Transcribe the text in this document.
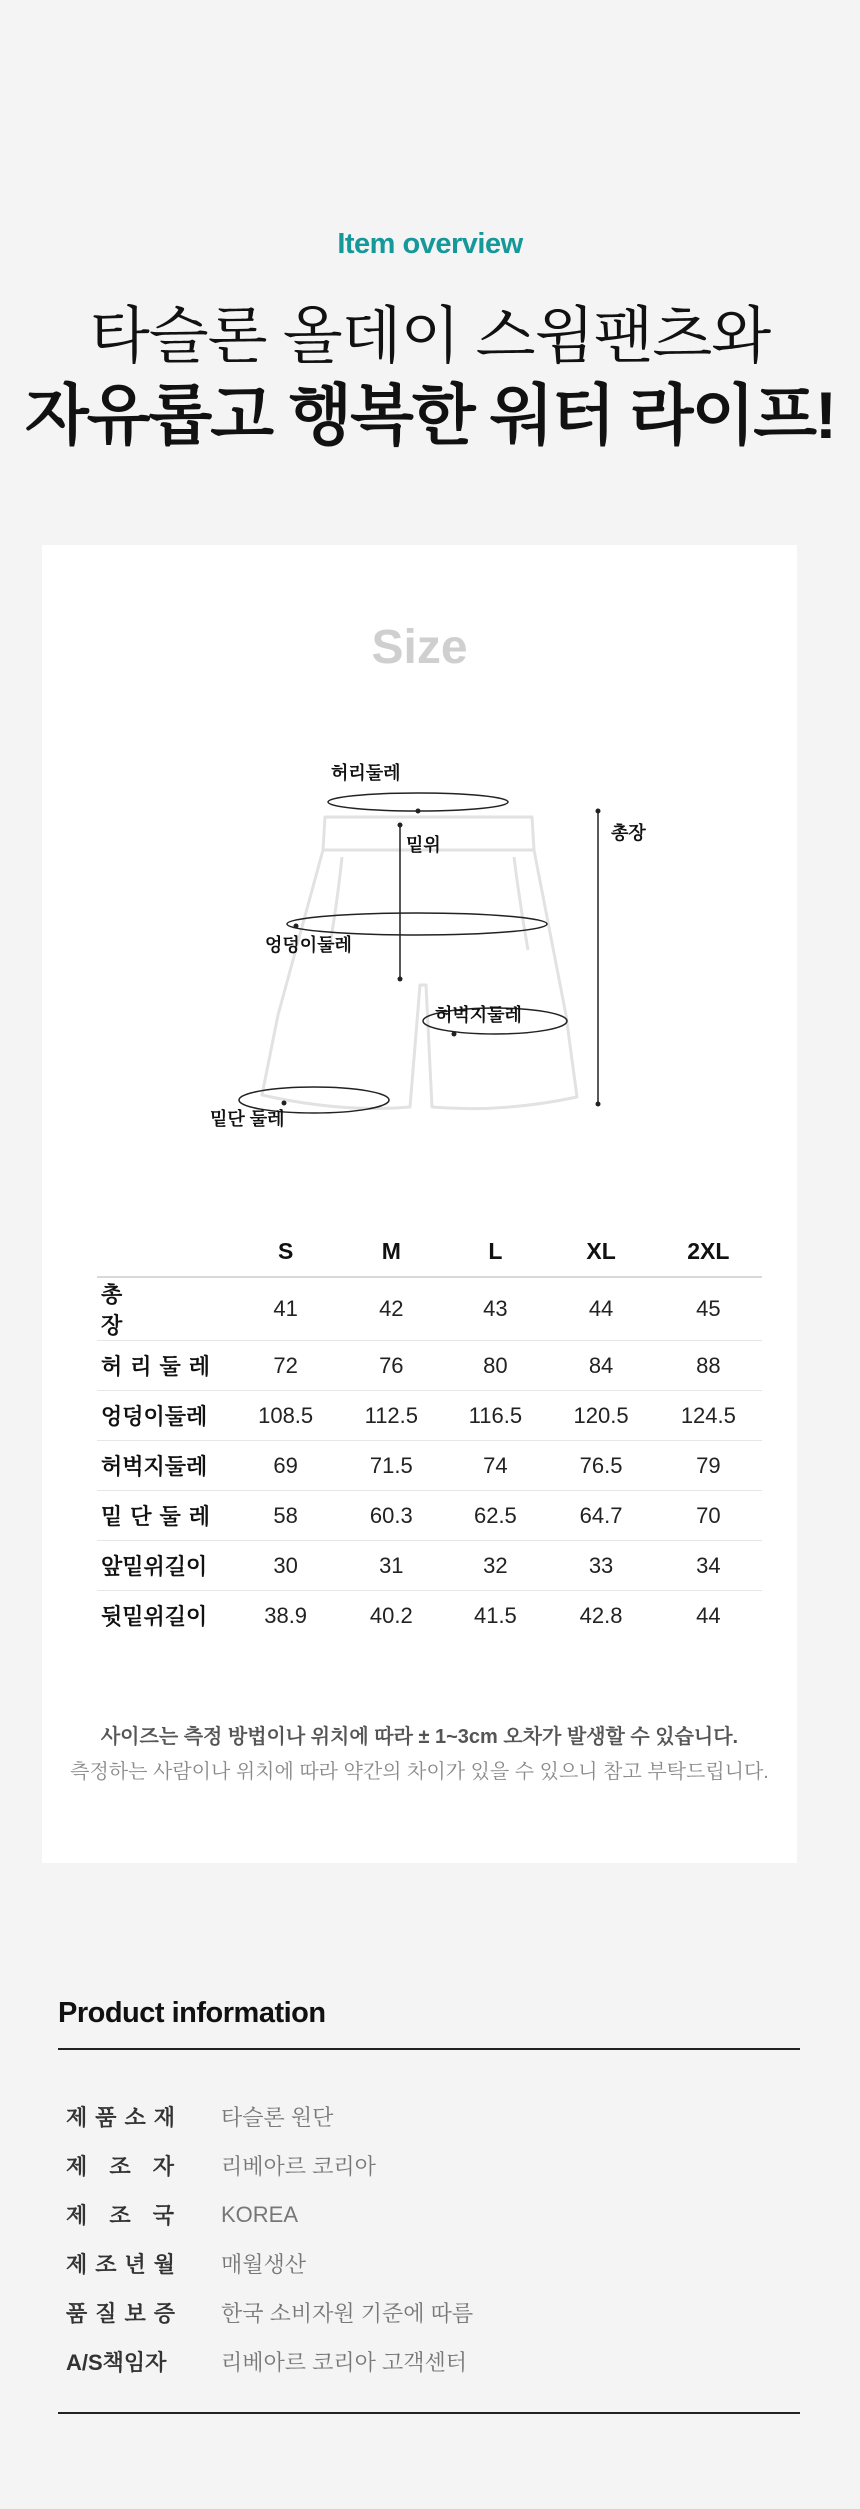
Item overview
타슬론 올데이 스윔팬츠와
자유롭고 행복한 워터 라이프!
Size
허리둘레
밑위
총장
엉덩이둘레
허벅지둘레
밑단 둘레
	S	M	L	XL	2XL
총 장	41	42	43	44	45
허리둘레	72	76	80	84	88
엉덩이둘레	108.5	112.5	116.5	120.5	124.5
허벅지둘레	69	71.5	74	76.5	79
밑단둘레	58	60.3	62.5	64.7	70
앞밑위길이	30	31	32	33	34
뒷밑위길이	38.9	40.2	41.5	42.8	44
사이즈는 측정 방법이나 위치에 따라 ± 1~3cm 오차가 발생할 수 있습니다.
측정하는 사람이나 위치에 따라 약간의 차이가 있을 수 있으니 참고 부탁드립니다.
Product information
제품소재	타슬론 원단
제 조 자	리베아르 코리아
제 조 국	KOREA
제조년월	매월생산
품질보증	한국 소비자원 기준에 따름
A/S책임자	리베아르 코리아 고객센터
